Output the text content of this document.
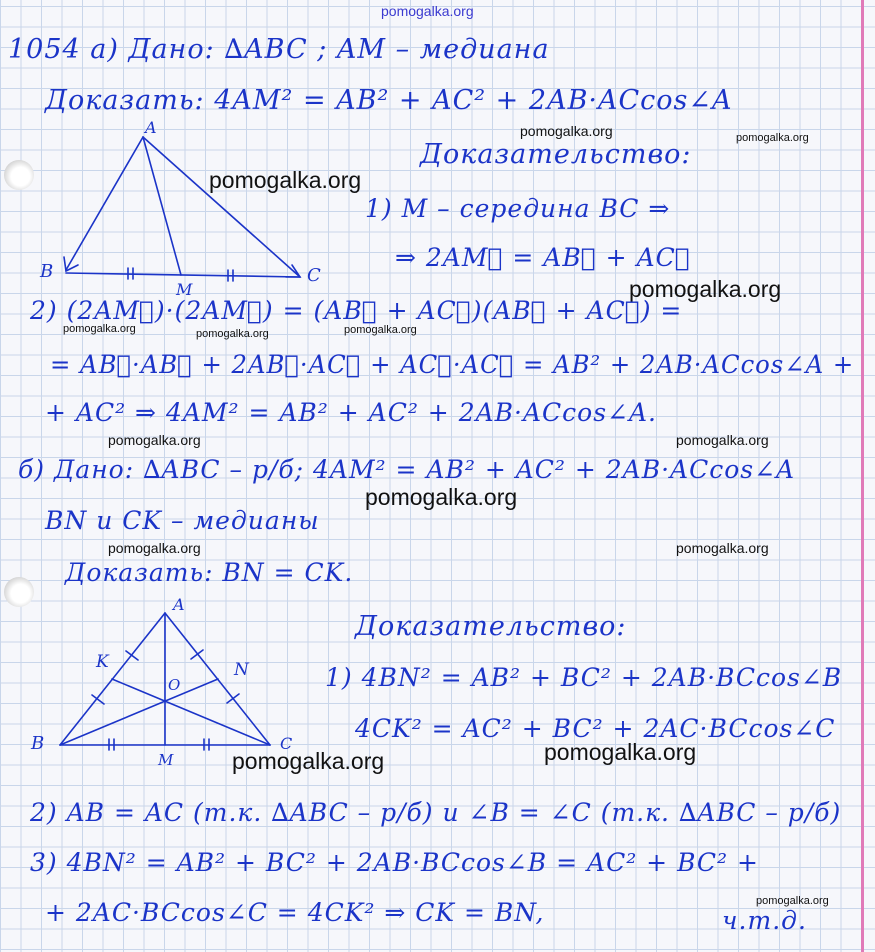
pomogalka.org
pomogalka.org	pomogalka.org
pomogalka.org
pomogalka.org
pomogalka.org	pomogalka.org	pomogalka.org
pomogalka.org	pomogalka.org
pomogalka.org
pomogalka.org	pomogalka.org
pomogalka.org
pomogalka.org
pomogalka.org
1054 а) Дано: ∆ABC ; AM – медиана
Доказать: 4AM² = AB² + AC² + 2AB·ACcos∠A
Доказательство:
1) M – середина BC ⇒
⇒ 2AM⃗ = AB⃗ + AC⃗
2) (2AM⃗)·(2AM⃗) = (AB⃗ + AC⃗)(AB⃗ + AC⃗) =
= AB⃗·AB⃗ + 2AB⃗·AC⃗ + AC⃗·AC⃗ = AB² + 2AB·ACcos∠A +
+ AC² ⇒ 4AM² = AB² + AC² + 2AB·ACcos∠A.
A
B	C
M
б) Дано: ∆ABC – р/б; 4AM² = AB² + AC² + 2AB·ACcos∠A
BN и CK – медианы
Доказать: BN = CK.
Доказательство:
1) 4BN² = AB² + BC² + 2AB·BCcos∠B
4CK² = AC² + BC² + 2AC·BCcos∠C
2) AB = AC (т.к. ∆ABC – р/б) и ∠B = ∠C (т.к. ∆ABC – р/б)
3) 4BN² = AB² + BC² + 2AB·BCcos∠B = AC² + BC² +
+ 2AC·BCcos∠C = 4CK² ⇒ CK = BN,	ч.т.д.
A
B	C
K	N
O
M
